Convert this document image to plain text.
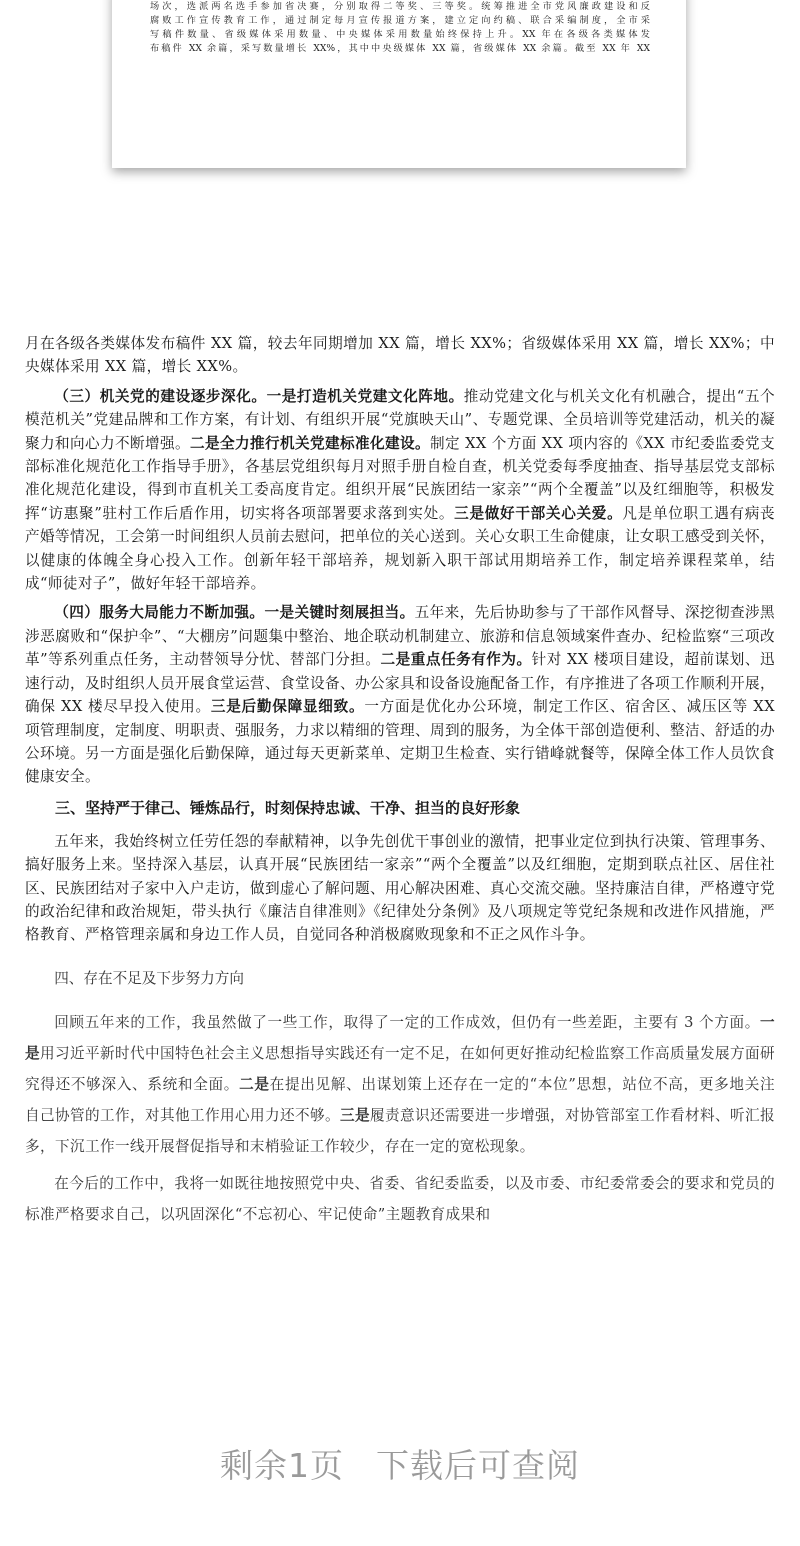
场次，选派两名选手参加省决赛，分别取得二等奖、三等奖。统筹推进全市党风廉政建设和反

腐败工作宣传教育工作，通过制定每月宣传报道方案，建立定向约稿、联合采编制度，全市采

写稿件数量、省级媒体采用数量、中央媒体采用数量始终保持上升。XX 年在各级各类媒体发

布稿件 XX 余篇，采写数量增长 XX%，其中中央级媒体 XX 篇，省级媒体 XX 余篇。截至 XX 年 XX

月在各级各类媒体发布稿件 XX 篇，较去年同期增加 XX 篇，增长 XX%；省级媒体采用 XX 篇，增长 XX%；中央媒体采用 XX 篇，增长 XX%。

（三）机关党的建设逐步深化。一是打造机关党建文化阵地。推动党建文化与机关文化有机融合，提出“五个模范机关”党建品牌和工作方案，有计划、有组织开展“党旗映天山”、专题党课、全员培训等党建活动，机关的凝聚力和向心力不断增强。二是全力推行机关党建标准化建设。制定 XX 个方面 XX 项内容的《XX 市纪委监委党支部标准化规范化工作指导手册》，各基层党组织每月对照手册自检自查，机关党委每季度抽查、指导基层党支部标准化规范化建设，得到市直机关工委高度肯定。组织开展“民族团结一家亲”“两个全覆盖”以及红细胞等，积极发挥“访惠聚”驻村工作后盾作用，切实将各项部署要求落到实处。三是做好干部关心关爱。凡是单位职工遇有病丧产婚等情况，工会第一时间组织人员前去慰问，把单位的关心送到。关心女职工生命健康，让女职工感受到关怀，以健康的体魄全身心投入工作。创新年轻干部培养，规划新入职干部试用期培养工作，制定培养课程菜单，结成“师徒对子”，做好年轻干部培养。

（四）服务大局能力不断加强。一是关键时刻展担当。五年来，先后协助参与了干部作风督导、深挖彻查涉黑涉恶腐败和“保护伞”、“大棚房”问题集中整治、地企联动机制建立、旅游和信息领域案件查办、纪检监察“三项改革”等系列重点任务，主动替领导分忧、替部门分担。二是重点任务有作为。针对 XX 楼项目建设，超前谋划、迅速行动，及时组织人员开展食堂运营、食堂设备、办公家具和设备设施配备工作，有序推进了各项工作顺利开展，确保 XX 楼尽早投入使用。三是后勤保障显细致。一方面是优化办公环境，制定工作区、宿舍区、减压区等 XX 项管理制度，定制度、明职责、强服务，力求以精细的管理、周到的服务，为全体干部创造便利、整洁、舒适的办公环境。另一方面是强化后勤保障，通过每天更新菜单、定期卫生检查、实行错峰就餐等，保障全体工作人员饮食健康安全。

三、坚持严于律己、锤炼品行，时刻保持忠诚、干净、担当的良好形象

五年来，我始终树立任劳任怨的奉献精神，以争先创优干事创业的激情，把事业定位到执行决策、管理事务、搞好服务上来。坚持深入基层，认真开展“民族团结一家亲”“两个全覆盖”以及红细胞，定期到联点社区、居住社区、民族团结对子家中入户走访，做到虚心了解问题、用心解决困难、真心交流交融。坚持廉洁自律，严格遵守党的政治纪律和政治规矩，带头执行《廉洁自律准则》《纪律处分条例》及八项规定等党纪条规和改进作风措施，严格教育、严格管理亲属和身边工作人员，自觉同各种消极腐败现象和不正之风作斗争。

四、存在不足及下步努力方向

回顾五年来的工作，我虽然做了一些工作，取得了一定的工作成效，但仍有一些差距，主要有 3 个方面。一是用习近平新时代中国特色社会主义思想指导实践还有一定不足，在如何更好推动纪检监察工作高质量发展方面研究得还不够深入、系统和全面。二是在提出见解、出谋划策上还存在一定的“本位”思想，站位不高，更多地关注自己协管的工作，对其他工作用心用力还不够。三是履责意识还需要进一步增强，对协管部室工作看材料、听汇报多，下沉工作一线开展督促指导和末梢验证工作较少，存在一定的宽松现象。

在今后的工作中，我将一如既往地按照党中央、省委、省纪委监委，以及市委、市纪委常委会的要求和党员的标准严格要求自己，以巩固深化“不忘初心、牢记使命”主题教育成果和

剩余1页 下载后可查阅
